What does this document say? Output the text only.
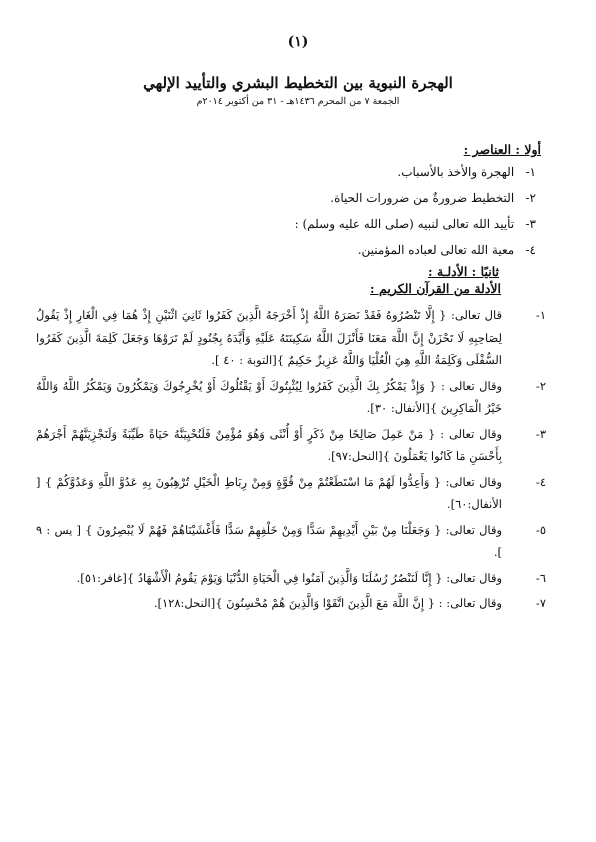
(١)
الهجرة النبوية بين التخطيط البشري والتأييد الإلهي
الجمعة ٧ من المحرم ١٤٣٦هـ - ٣١ من أكتوبر ٢٠١٤م
أولا : العناصر :
١- الهجرة والأخذ بالأسباب.
٢- التخطيط ضرورةٌ من ضرورات الحياة.
٣- تأييد الله تعالى لنبيه (صلى الله عليه وسلم) :
٤- معية الله تعالى لعباده المؤمنين.
ثانيًا : الأدلـة :
الأدلة من القرآن الكريم :
١-
قال تعالى: { إِلَّا تَنْصُرُوهُ فَقَدْ نَصَرَهُ اللَّهُ إِذْ أَخْرَجَهُ الَّذِينَ كَفَرُوا ثَانِيَ اثْنَيْنِ إِذْ هُمَا فِي الْغَارِ إِذْ يَقُولُ لِصَاحِبِهِ لَا تَحْزَنْ إِنَّ اللَّهَ مَعَنَا فَأَنْزَلَ اللَّهُ سَكِينَتَهُ عَلَيْهِ وَأَيَّدَهُ بِجُنُودٍ لَمْ تَرَوْهَا وَجَعَلَ كَلِمَةَ الَّذِينَ كَفَرُوا السُّفْلَى وَكَلِمَةُ اللَّهِ هِيَ الْعُلْيَا وَاللَّهُ عَزِيزٌ حَكِيمٌ }[التوبة : ٤٠ ].
٢-
وقال تعالى : { وَإِذْ يَمْكُرُ بِكَ الَّذِينَ كَفَرُوا لِيُثْبِتُوكَ أَوْ يَقْتُلُوكَ أَوْ يُخْرِجُوكَ وَيَمْكُرُونَ وَيَمْكُرُ اللَّهُ وَاللَّهُ خَيْرُ الْمَاكِرِينَ }[الأنفال: ٣٠].
٣-
وقال تعالى : { مَنْ عَمِلَ صَالِحًا مِنْ ذَكَرٍ أَوْ أُنْثَى وَهُوَ مُؤْمِنٌ فَلَنُحْيِيَنَّهُ حَيَاةً طَيِّبَةً وَلَنَجْزِيَنَّهُمْ أَجْرَهُمْ بِأَحْسَنِ مَا كَانُوا يَعْمَلُونَ }[النحل:٩٧].
٤-
وقال تعالى: { وَأَعِدُّوا لَهُمْ مَا اسْتَطَعْتُمْ مِنْ قُوَّةٍ وَمِنْ رِبَاطِ الْخَيْلِ تُرْهِبُونَ بِهِ عَدُوَّ اللَّهِ وَعَدُوَّكُمْ } [ الأنفال:٦٠].
٥-
وقال تعالى: { وَجَعَلْنَا مِنْ بَيْنِ أَيْدِيهِمْ سَدًّا وَمِنْ خَلْفِهِمْ سَدًّا فَأَغْشَيْنَاهُمْ فَهُمْ لَا يُبْصِرُونَ } [ يس : ٩ ].
٦-
وقال تعالى: { إِنَّا لَنَنْصُرُ رُسُلَنَا وَالَّذِينَ آمَنُوا فِي الْحَيَاةِ الدُّنْيَا وَيَوْمَ يَقُومُ الْأَشْهَادُ }[غافر:٥١].
٧-
وقال تعالى: : { إِنَّ اللَّهَ مَعَ الَّذِينَ اتَّقَوْا وَالَّذِينَ هُمْ مُحْسِنُونَ }[النحل:١٢٨].
